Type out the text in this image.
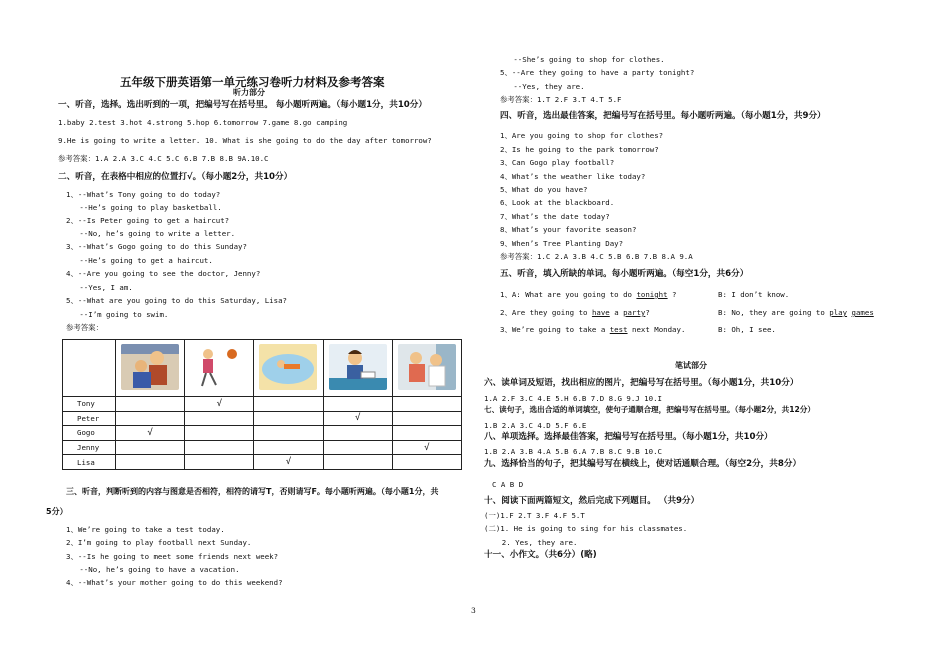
五年级下册英语第一单元练习卷听力材料及参考答案
听力部分
一、听音，选择。选出听到的一项，把编号写在括号里。 每小题听两遍。（每小题1分，共10分）
1.baby 2.test 3.hot 4.strong 5.hop 6.tomorrow 7.game 8.go camping
9.He is going to write a letter. 10. What is she going to do the day after tomorrow?
参考答案：1.A 2.A 3.C 4.C 5.C 6.B 7.B 8.B 9A.10.C
二、听音，在表格中相应的位置打√。（每小题2分，共10分）
1、--What’s Tony going to do today?
--He’s going to play basketball.
2、--Is Peter going to get a haircut?
--No, he’s going to write a letter.
3、--What’s Gogo going to do this Sunday?
--He’s going to get a haircut.
4、--Are you going to see the doctor, Jenny?
--Yes, I am.
5、--What are you going to do this Saturday, Lisa?
--I’m going to swim.
参考答案：

Tony		√			
Peter				√	
Gogo	√				
Jenny					√
Lisa			√		
三、听音，判断听到的内容与图意是否相符，相符的请写T，否则请写F。每小题听两遍。（每小题1分，共
5分）
1、We’re going to take a test today.
2、I’m going to play football next Sunday.
3、--Is he going to meet some friends next week?
--No, he’s going to have a vacation.
4、--What’s your mother going to do this weekend?
--She’s going to shop for clothes.
5、--Are they going to have a party tonight?
--Yes, they are.
参考答案：1.T 2.F 3.T 4.T 5.F
四、听音，选出最佳答案，把编号写在括号里。每小题听两遍。（每小题1分，共9分）
1、Are you going to shop for clothes?
2、Is he going to the park tomorrow?
3、Can Gogo play football?
4、What’s the weather like today?
5、What do you have?
6、Look at the blackboard.
7、What’s the date today?
8、What’s your favorite season?
9、When’s Tree Planting Day?
参考答案：1.C 2.A 3.B 4.C 5.B 6.B 7.B 8.A 9.A
五、听音，填入所缺的单词。每小题听两遍。（每空1分，共6分）
1、A: What are you going to do tonight ?	B: I don’t know.
2、Are they going to have a party?	B: No, they are going to play games
3、We’re going to take a test next Monday.	B: Oh, I see.
笔试部分
六、读单词及短语，找出相应的图片，把编号写在括号里。（每小题1分，共10分）
1.A 2.F 3.C 4.E 5.H 6.B 7.D 8.G 9.J 10.I
七、读句子，选出合适的单词填空，使句子通顺合理，把编号写在括号里。（每小题2分，共12分）
1.B 2.A 3.C 4.D 5.F 6.E
八、单项选择。选择最佳答案，把编号写在括号里。（每小题1分，共10分）
1.B 2.A 3.B 4.A 5.B 6.A 7.B 8.C 9.B 10.C
九、选择恰当的句子，把其编号写在横线上，使对话通顺合理。（每空2分，共8分）
C A B D
十、阅读下面两篇短文，然后完成下列题目。 （共9分）
(一)1.F 2.T 3.F 4.F 5.T
(二)1. He is going to sing for his classmates.
2. Yes, they are.
十一、小作文。（共6分）(略)
3
